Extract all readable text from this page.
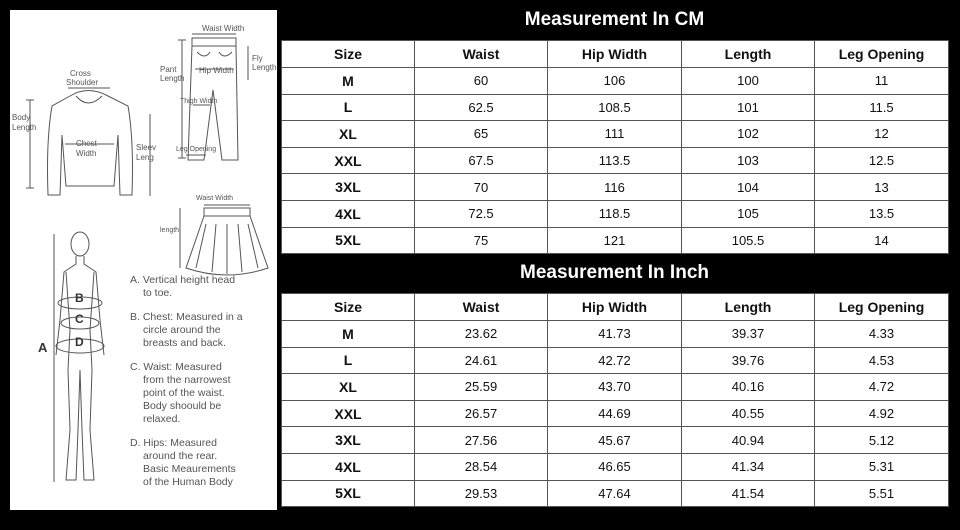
Waist Width
Pant
Length
Hip Width
Fly
Length
Cross
Shoulder
Body
Length
Chest
Width
Sleev
Leng
Thigh Width
Leg Opening
Waist Width
length
A
B
C
D
A. Vertical height head
to toe.
B. Chest: Measured in a
circle around the
breasts and back.
C. Waist: Measured
from the narrowest
point of the waist.
Body shoould be
relaxed.
D. Hips: Measured
around the rear.
Basic Meaurements
of the Human Body
Measurement In CM
Size	Waist	Hip Width	Length	Leg Opening
M	60	106	100	11
L	62.5	108.5	101	11.5
XL	65	111	102	12
XXL	67.5	113.5	103	12.5
3XL	70	116	104	13
4XL	72.5	118.5	105	13.5
5XL	75	121	105.5	14
Measurement In Inch
Size	Waist	Hip Width	Length	Leg Opening
M	23.62	41.73	39.37	4.33
L	24.61	42.72	39.76	4.53
XL	25.59	43.70	40.16	4.72
XXL	26.57	44.69	40.55	4.92
3XL	27.56	45.67	40.94	5.12
4XL	28.54	46.65	41.34	5.31
5XL	29.53	47.64	41.54	5.51
